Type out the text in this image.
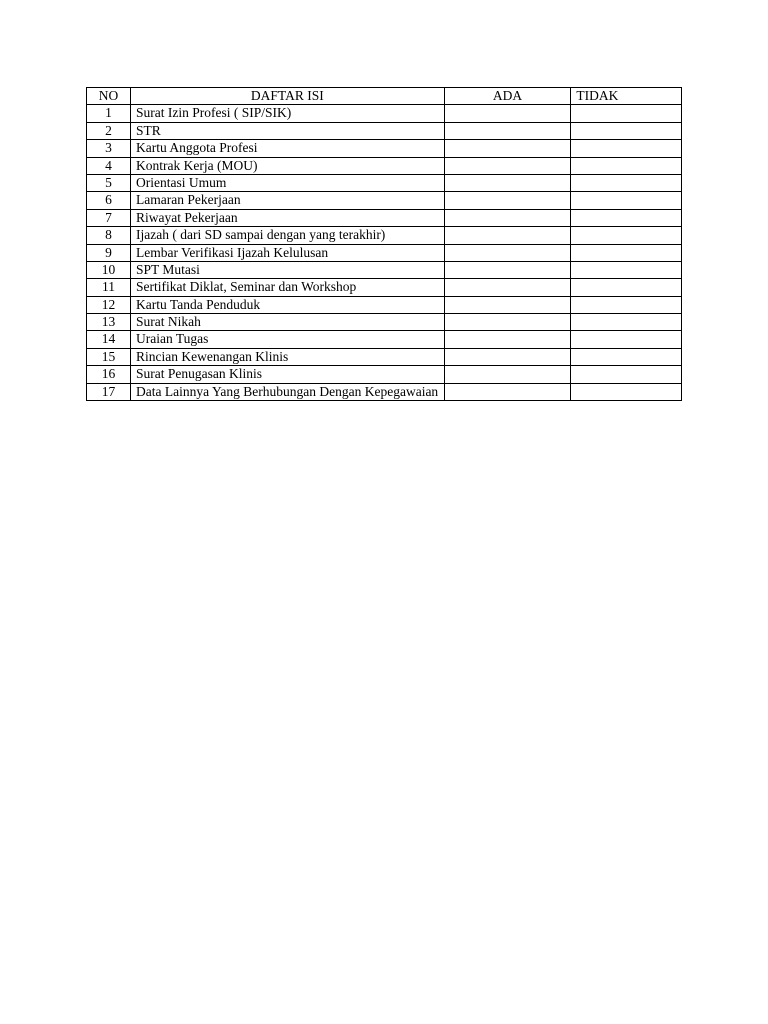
NO	DAFTAR ISI	ADA	TIDAK
1	Surat Izin Profesi ( SIP/SIK)		
2	STR		
3	Kartu Anggota Profesi		
4	Kontrak Kerja (MOU)		
5	Orientasi Umum		
6	Lamaran Pekerjaan		
7	Riwayat Pekerjaan		
8	Ijazah ( dari SD sampai dengan yang terakhir)		
9	Lembar Verifikasi Ijazah Kelulusan		
10	SPT Mutasi		
11	Sertifikat Diklat, Seminar dan Workshop		
12	Kartu Tanda Penduduk		
13	Surat Nikah		
14	Uraian Tugas		
15	Rincian Kewenangan Klinis		
16	Surat Penugasan Klinis		
17	Data Lainnya Yang Berhubungan Dengan Kepegawaian		
